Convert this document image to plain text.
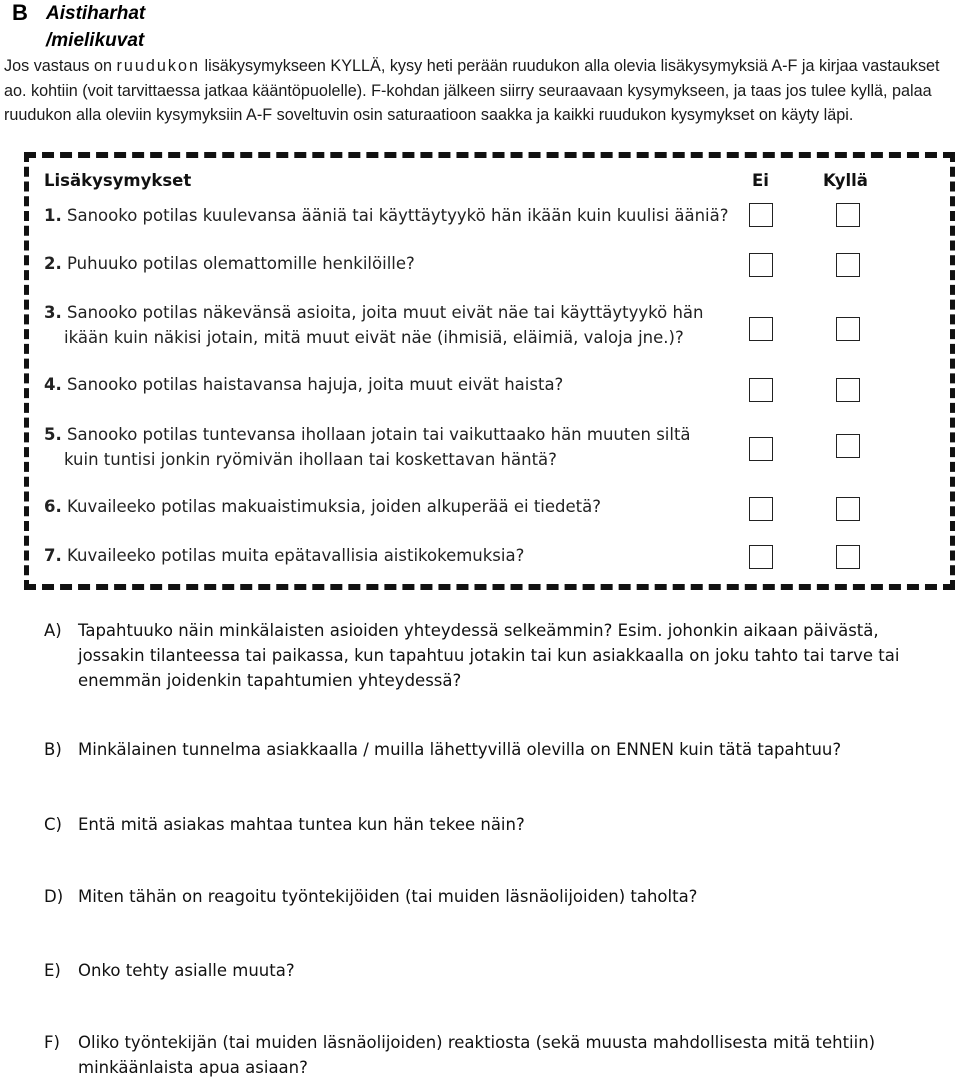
B Aistiharhat
/mielikuvat
Jos vastaus on ruudukon lisäkysymykseen KYLLÄ, kysy heti perään ruudukon alla olevia lisäkysymyksiä A-F ja kirjaa vastaukset ao. kohtiin (voit tarvittaessa jatkaa kääntöpuolelle). F-kohdan jälkeen siirry seuraavaan kysymykseen, ja taas jos tulee kyllä, palaa ruudukon alla oleviin kysymyksiin A-F soveltuvin osin saturaatioon saakka ja kaikki ruudukon kysymykset on käyty läpi.
Lisäkysymykset	Ei	Kyllä
1. Sanooko potilas kuulevansa ääniä tai käyttäytyykö hän ikään kuin kuulisi ääniä?
2. Puhuuko potilas olemattomille henkilöille?
3. Sanooko potilas näkevänsä asioita, joita muut eivät näe tai käyttäytyykö hän
ikään kuin näkisi jotain, mitä muut eivät näe (ihmisiä, eläimiä, valoja jne.)?
4. Sanooko potilas haistavansa hajuja, joita muut eivät haista?
5. Sanooko potilas tuntevansa ihollaan jotain tai vaikuttaako hän muuten siltä
kuin tuntisi jonkin ryömivän ihollaan tai koskettavan häntä?
6. Kuvaileeko potilas makuaistimuksia, joiden alkuperää ei tiedetä?
7. Kuvaileeko potilas muita epätavallisia aistikokemuksia?
A) Tapahtuuko näin minkälaisten asioiden yhteydessä selkeämmin? Esim. johonkin aikaan päivästä,
jossakin tilanteessa tai paikassa, kun tapahtuu jotakin tai kun asiakkaalla on joku tahto tai tarve tai
enemmän joidenkin tapahtumien yhteydessä?
B) Minkälainen tunnelma asiakkaalla / muilla lähettyvillä olevilla on ENNEN kuin tätä tapahtuu?
C) Entä mitä asiakas mahtaa tuntea kun hän tekee näin?
D) Miten tähän on reagoitu työntekijöiden (tai muiden läsnäolijoiden) taholta?
E) Onko tehty asialle muuta?
F) Oliko työntekijän (tai muiden läsnäolijoiden) reaktiosta (sekä muusta mahdollisesta mitä tehtiin)
minkäänlaista apua asiaan?
